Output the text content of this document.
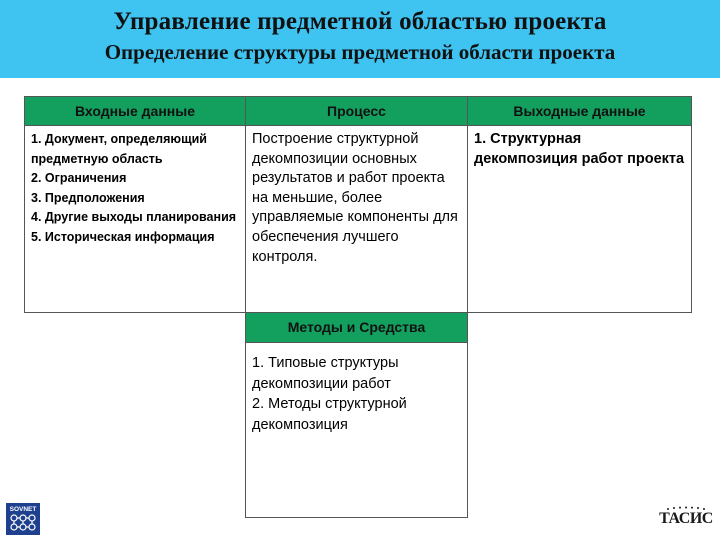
Управление предметной областью проекта
Определение структуры предметной области проекта
Входные данные	Процесс	Выходные данные
1. Документ, определяющий предметную область
2. Ограничения
3. Предположения
4. Другие выходы планирования
5. Историческая информация
Построение структурной декомпозиции основных результатов и работ проекта на меньшие, более управляемые компоненты для обеспечения лучшего контроля.
1. Структурная декомпозиция работ проекта
Методы и Средства
1. Типовые структуры декомпозиции работ
2. Методы структурной декомпозиция
SOVNET
ТАСИС
